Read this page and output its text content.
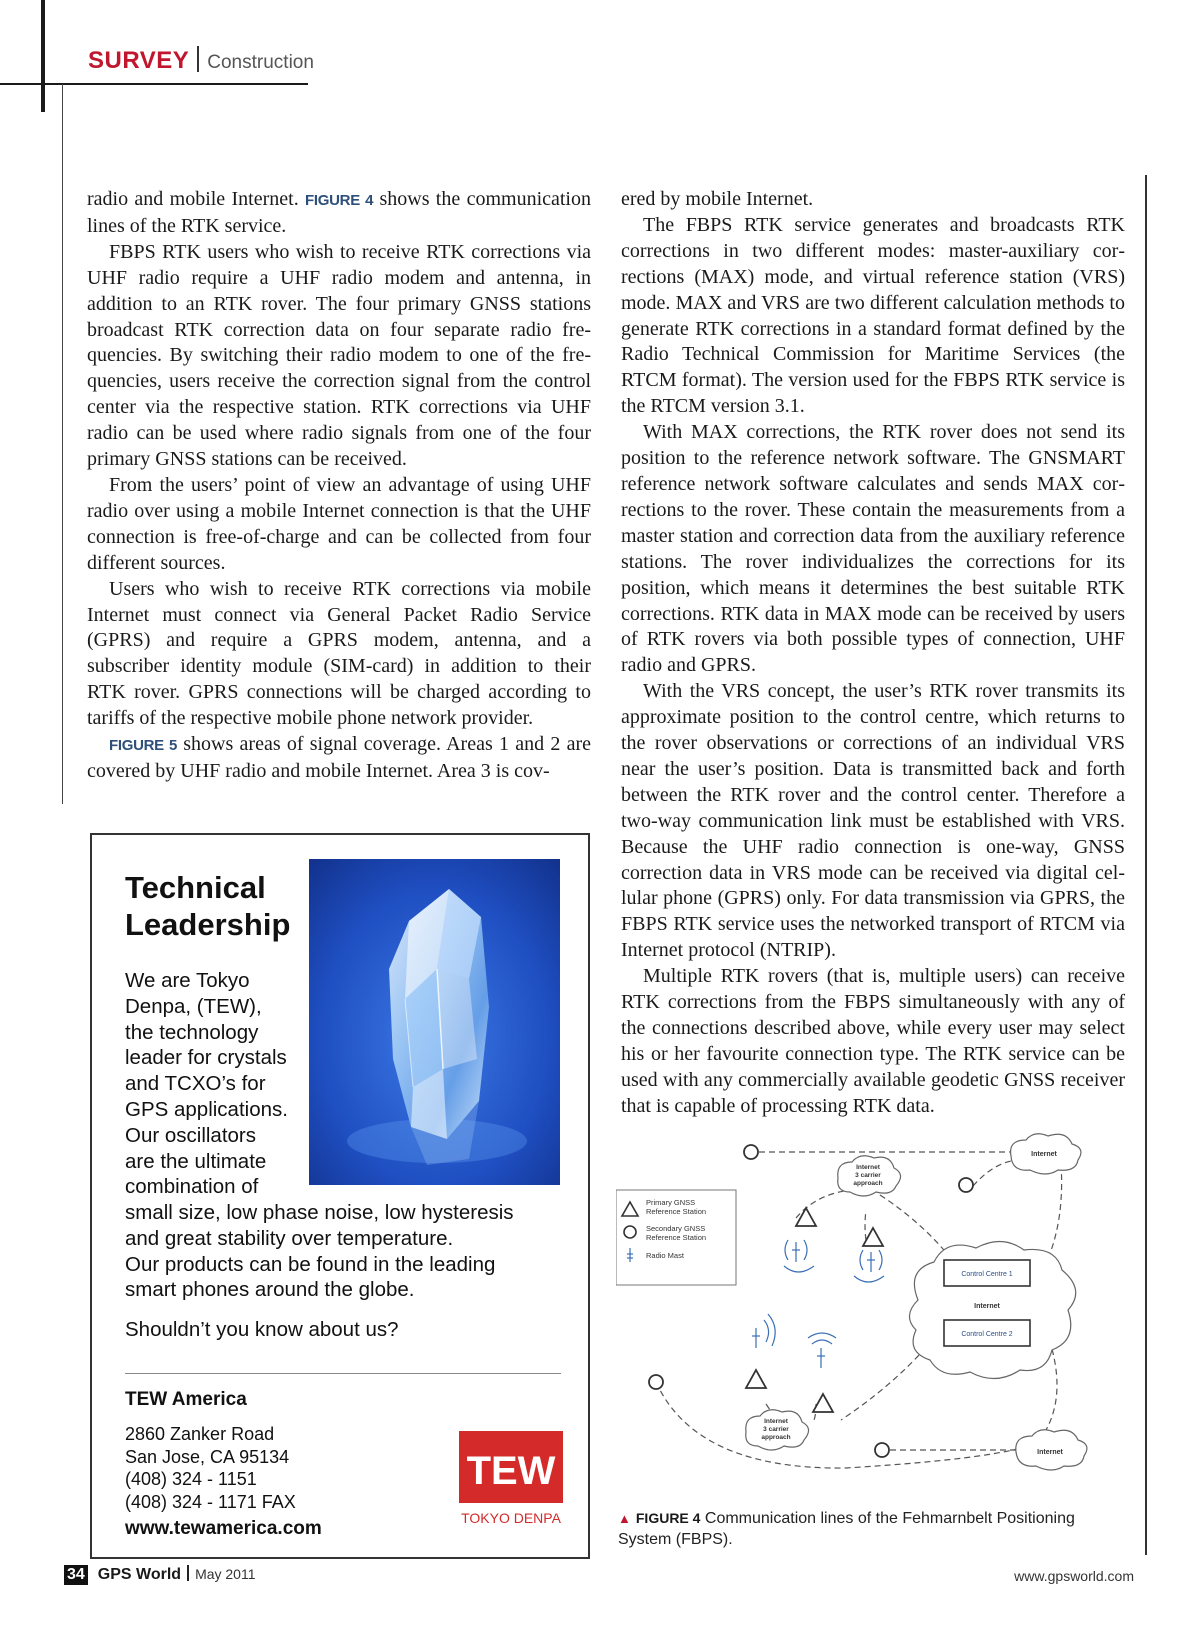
SURVEY Construction

radio and mobile Internet. FIGURE 4 shows the communication lines of the RTK service.

FBPS RTK users who wish to receive RTK corrections via UHF radio require a UHF radio modem and antenna, in addition to an RTK rover. The four primary GNSS stations broadcast RTK correction data on four separate radio frequencies. By switching their radio modem to one of the frequencies, users receive the correction signal from the control center via the respective station. RTK corrections via UHF radio can be used where radio signals from one of the four primary GNSS stations can be received.

From the users’ point of view an advantage of using UHF radio over using a mobile Internet connection is that the UHF connection is free-of-charge and can be collected from four different sources.

Users who wish to receive RTK corrections via mobile Internet must connect via General Packet Radio Service (GPRS) and require a GPRS modem, antenna, and a subscriber identity module (SIM-card) in addition to their RTK rover. GPRS connections will be charged according to tariffs of the respective mobile phone network provider.

FIGURE 5 shows areas of signal coverage. Areas 1 and 2 are covered by UHF radio and mobile Internet. Area 3 is cov-

ered by mobile Internet.

The FBPS RTK service generates and broadcasts RTK corrections in two different modes: master-auxiliary corrections (MAX) mode, and virtual reference station (VRS) mode. MAX and VRS are two different calculation methods to generate RTK corrections in a standard format defined by the Radio Technical Commission for Maritime Services (the RTCM format). The version used for the FBPS RTK service is the RTCM version 3.1.

With MAX corrections, the RTK rover does not send its position to the reference network software. The GNSMART reference network software calculates and sends MAX corrections to the rover. These contain the measurements from a master station and correction data from the auxiliary reference stations. The rover individualizes the corrections for its position, which means it determines the best suitable RTK corrections. RTK data in MAX mode can be received by users of RTK rovers via both possible types of connection, UHF radio and GPRS.

With the VRS concept, the user’s RTK rover transmits its approximate position to the control centre, which returns to the rover observations or corrections of an individual VRS near the user’s position. Data is transmitted back and forth between the RTK rover and the control center. Therefore a two-way communication link must be established with VRS. Because the UHF radio connection is one-way, GNSS correction data in VRS mode can be received via digital cellular phone (GPRS) only. For data transmission via GPRS, the FBPS RTK service uses the networked transport of RTCM via Internet protocol (NTRIP).

Multiple RTK rovers (that is, multiple users) can receive RTK corrections from the FBPS simultaneously with any of the connections described above, while every user may select his or her favourite connection type. The RTK service can be used with any commercially available geodetic GNSS receiver that is capable of processing RTK data.

Technical
Leadership
We are Tokyo
Denpa, (TEW),
the technology
leader for crystals
and TCXO’s for
GPS applications.
Our oscillators
are the ultimate
combination of
small size, low phase noise, low hysteresis
and great stability over temperature.
Our products can be found in the leading
smart phones around the globe.
Shouldn’t you know about us?
TEW America
2860 Zanker Road
San Jose, CA 95134
(408) 324 - 1151
(408) 324 - 1171 FAX
www.tewamerica.com
TEW
TOKYO DENPA
Primary GNSS
Reference Station
Secondary GNSS
Reference Station
Radio Mast
Internet
Internet
3 carrier
approach
Control Centre 1
Internet
Control Centre 2
Internet
3 carrier
approach
Internet
▲ FIGURE 4 Communication lines of the Fehmarnbelt Positioning System (FBPS).
34 GPS World May 2011	www.gpsworld.com
